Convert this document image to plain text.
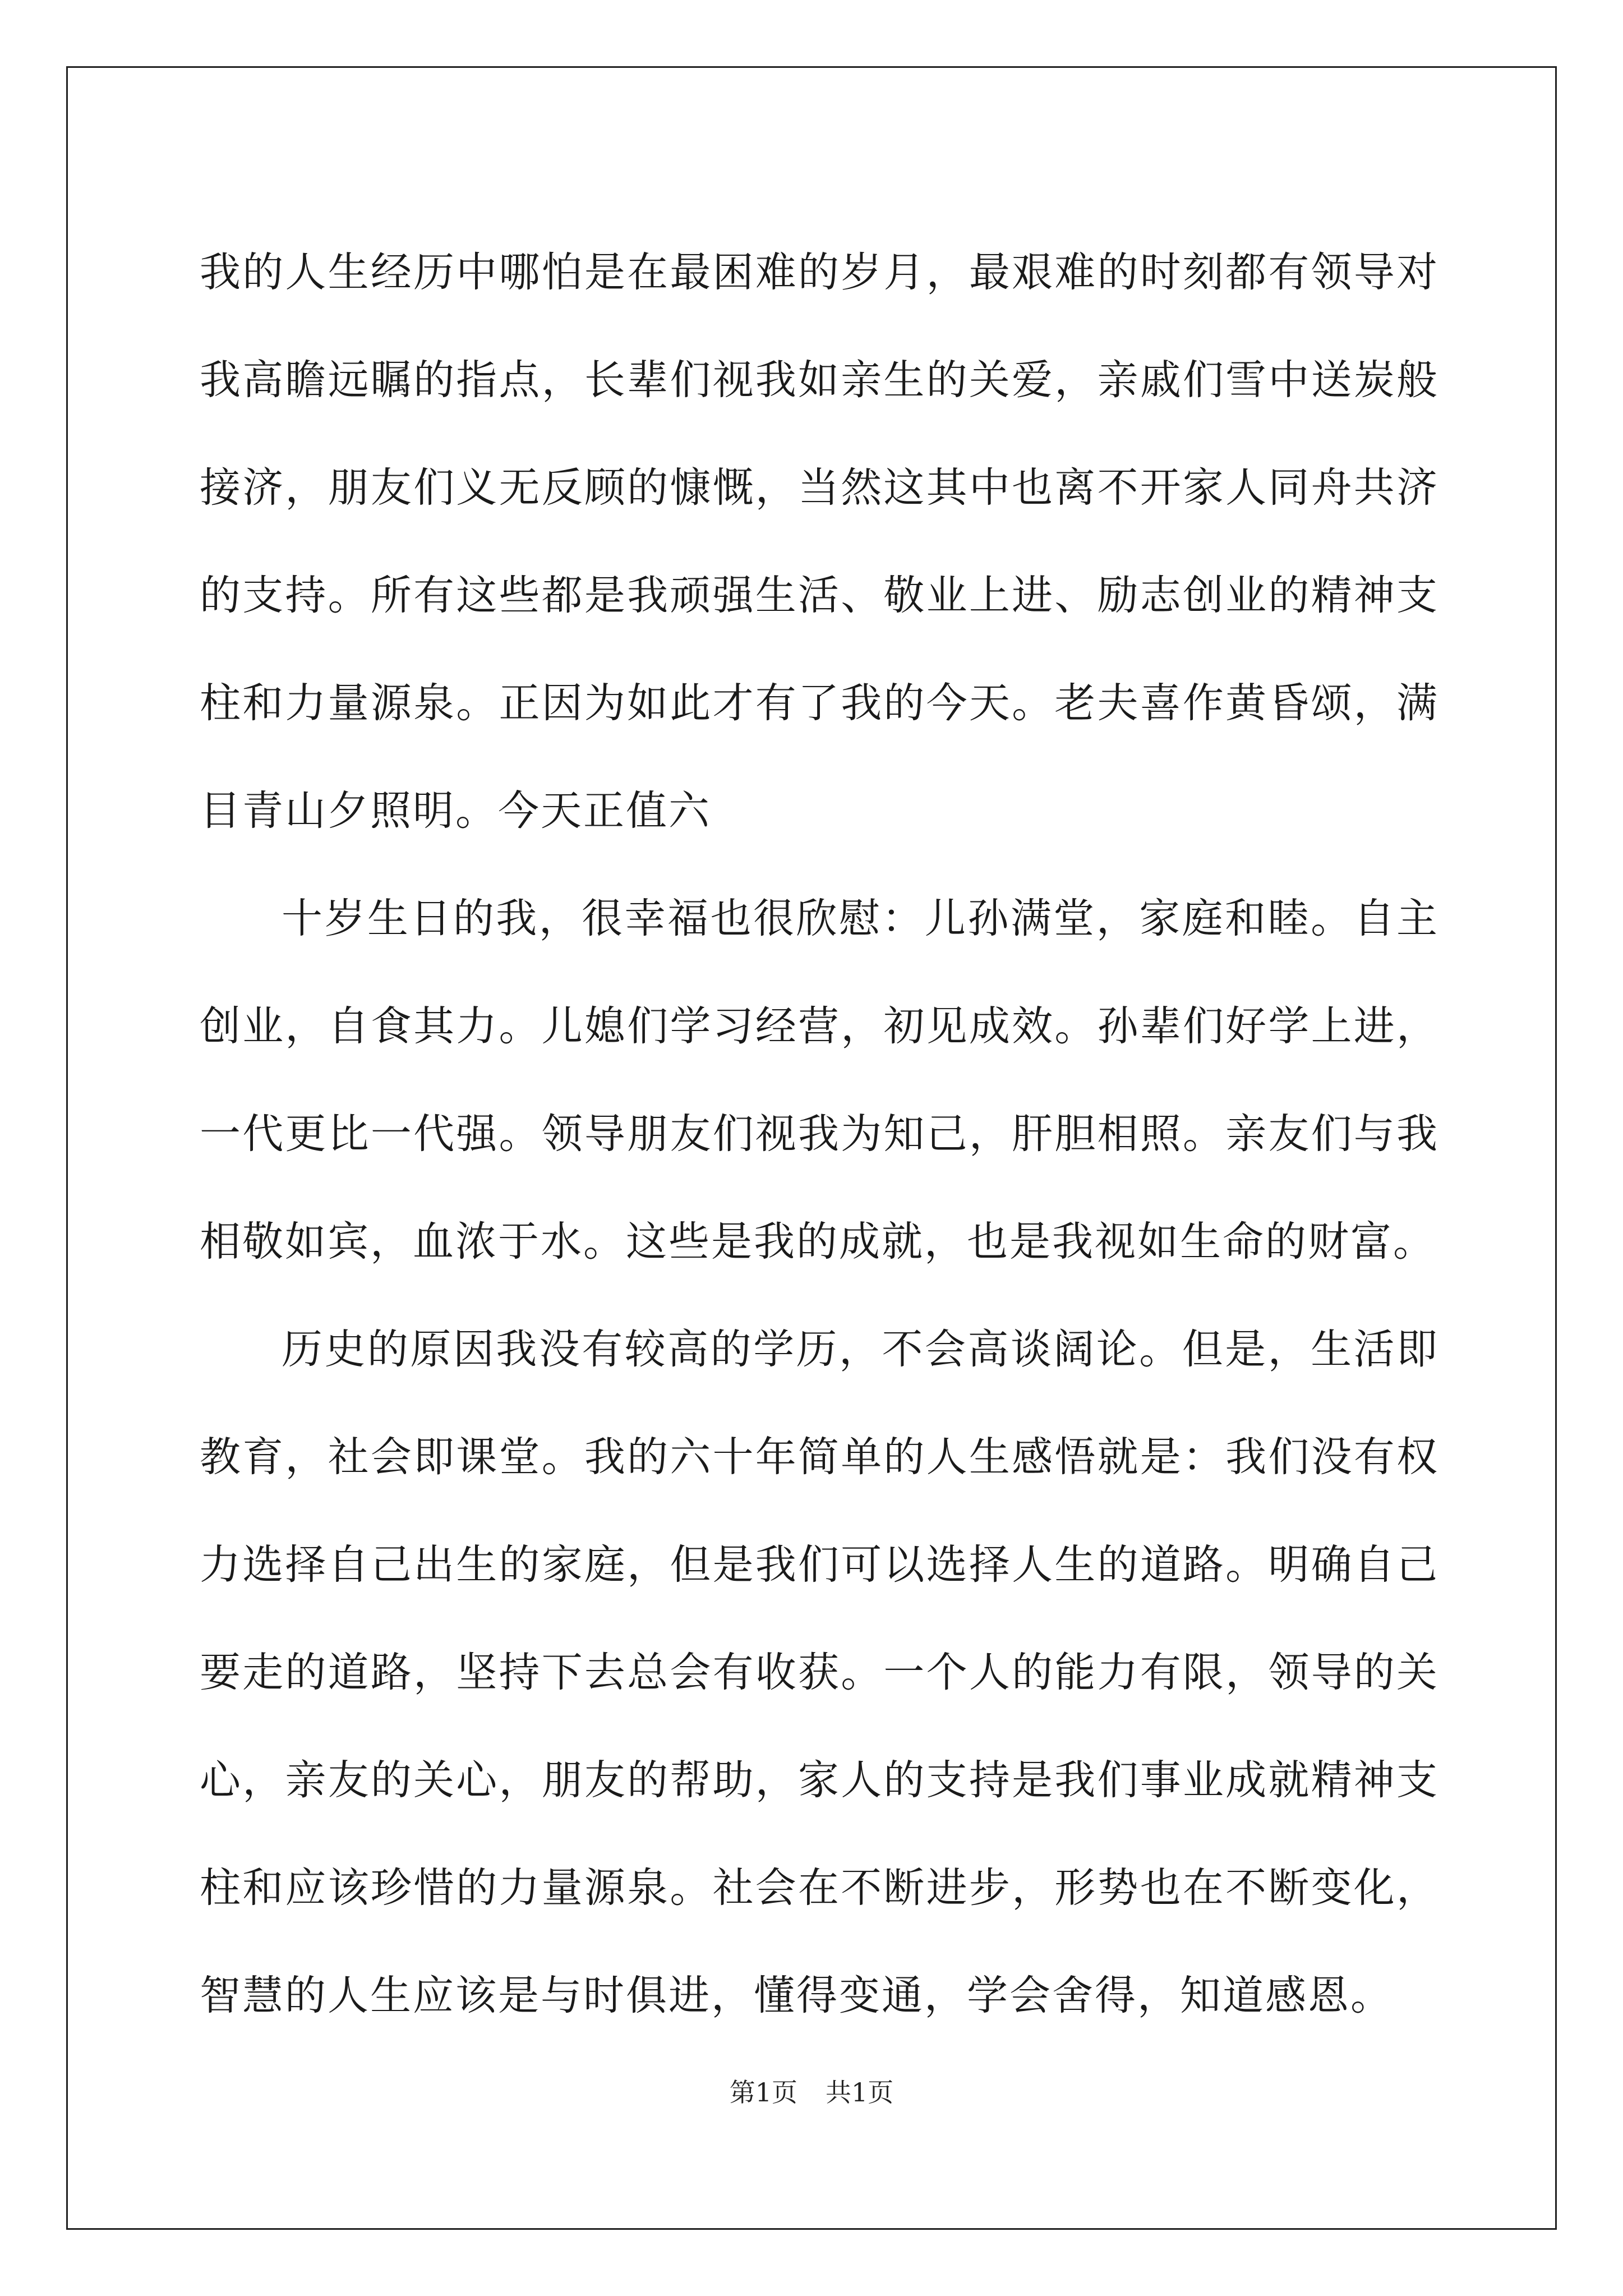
我的人生经历中哪怕是在最困难的岁月，最艰难的时刻都有领导对我高瞻远瞩的指点，长辈们视我如亲生的关爱，亲戚们雪中送炭般接济，朋友们义无反顾的慷慨，当然这其中也离不开家人同舟共济的支持。所有这些都是我顽强生活、敬业上进、励志创业的精神支柱和力量源泉。正因为如此才有了我的今天。老夫喜作黄昏颂，满目青山夕照明。今天正值六

十岁生日的我，很幸福也很欣慰：儿孙满堂，家庭和睦。自主创业，自食其力。儿媳们学习经营，初见成效。孙辈们好学上进，一代更比一代强。领导朋友们视我为知己，肝胆相照。亲友们与我相敬如宾，血浓于水。这些是我的成就，也是我视如生命的财富。

历史的原因我没有较高的学历，不会高谈阔论。但是，生活即教育，社会即课堂。我的六十年简单的人生感悟就是：我们没有权力选择自己出生的家庭，但是我们可以选择人生的道路。明确自己要走的道路，坚持下去总会有收获。一个人的能力有限，领导的关心，亲友的关心，朋友的帮助，家人的支持是我们事业成就精神支柱和应该珍惜的力量源泉。社会在不断进步，形势也在不断变化，智慧的人生应该是与时俱进，懂得变通，学会舍得，知道感恩。

第1页 共1页
